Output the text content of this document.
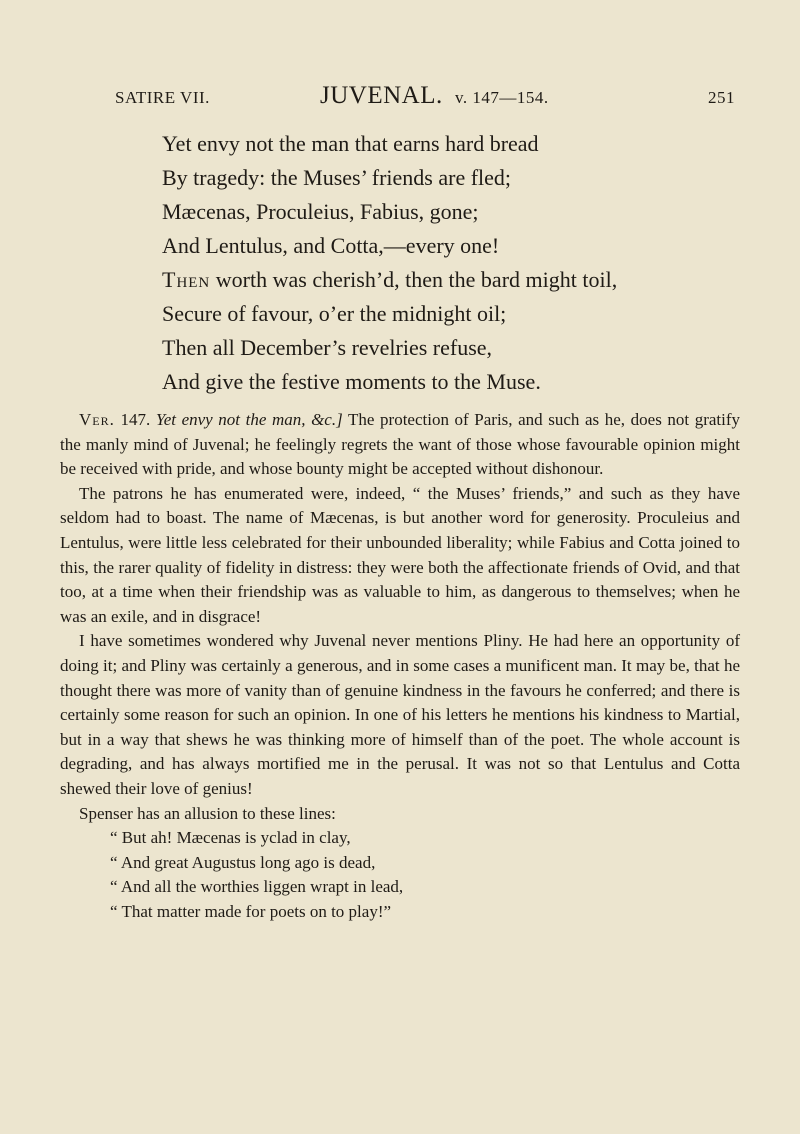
SATIRE VII.	JUVENAL. v. 147—154.	251
Yet envy not the man that earns hard bread
By tragedy: the Muses’ friends are fled;
Mæcenas, Proculeius, Fabius, gone;
And Lentulus, and Cotta,—every one!
Then worth was cherish’d, then the bard might toil,
Secure of favour, o’er the midnight oil;
Then all December’s revelries refuse,
And give the festive moments to the Muse.

Ver. 147. Yet envy not the man, &c.] The protection of Paris, and such as he, does not gratify the manly mind of Juvenal; he feelingly regrets the want of those whose favourable opinion might be received with pride, and whose bounty might be accepted without dishonour.

The patrons he has enumerated were, indeed, “ the Muses’ friends,” and such as they have seldom had to boast. The name of Mæcenas, is but another word for generosity. Proculeius and Lentulus, were little less celebrated for their unbounded liberality; while Fabius and Cotta joined to this, the rarer quality of fidelity in distress: they were both the affectionate friends of Ovid, and that too, at a time when their friendship was as valuable to him, as dangerous to themselves; when he was an exile, and in disgrace!

I have sometimes wondered why Juvenal never mentions Pliny. He had here an opportunity of doing it; and Pliny was certainly a generous, and in some cases a munificent man. It may be, that he thought there was more of vanity than of genuine kindness in the favours he conferred; and there is certainly some reason for such an opinion. In one of his letters he mentions his kindness to Martial, but in a way that shews he was thinking more of himself than of the poet. The whole account is degrading, and has always mortified me in the perusal. It was not so that Lentulus and Cotta shewed their love of genius!

Spenser has an allusion to these lines:

“ But ah! Mæcenas is yclad in clay,
“ And great Augustus long ago is dead,
“ And all the worthies liggen wrapt in lead,
“ That matter made for poets on to play!”
